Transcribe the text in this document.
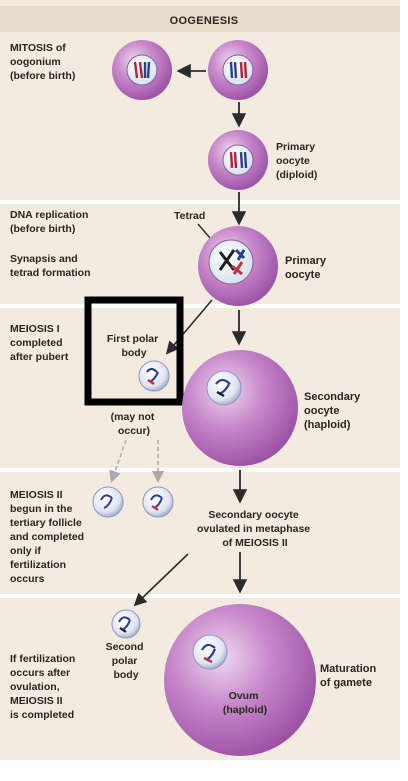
OOGENESIS
Primary oocyte (diploid)
MITOSIS of oogonium (before birth)
DNA replication (before birth)
Synapsis and tetrad formation
MEIOSIS I completed after pubert
MEIOSIS II begun in the tertiary follicle and completed only if fertilization occurs
If fertilization occurs after ovulation, MEIOSIS II is completed
Tetrad
Primary oocyte
First polar body
Secondary oocyte (haploid)
(may not occur)
Secondary oocyte ovulated in metaphase of MEIOSIS II
Second polar body
Ovum (haploid)
Maturation of gamete
